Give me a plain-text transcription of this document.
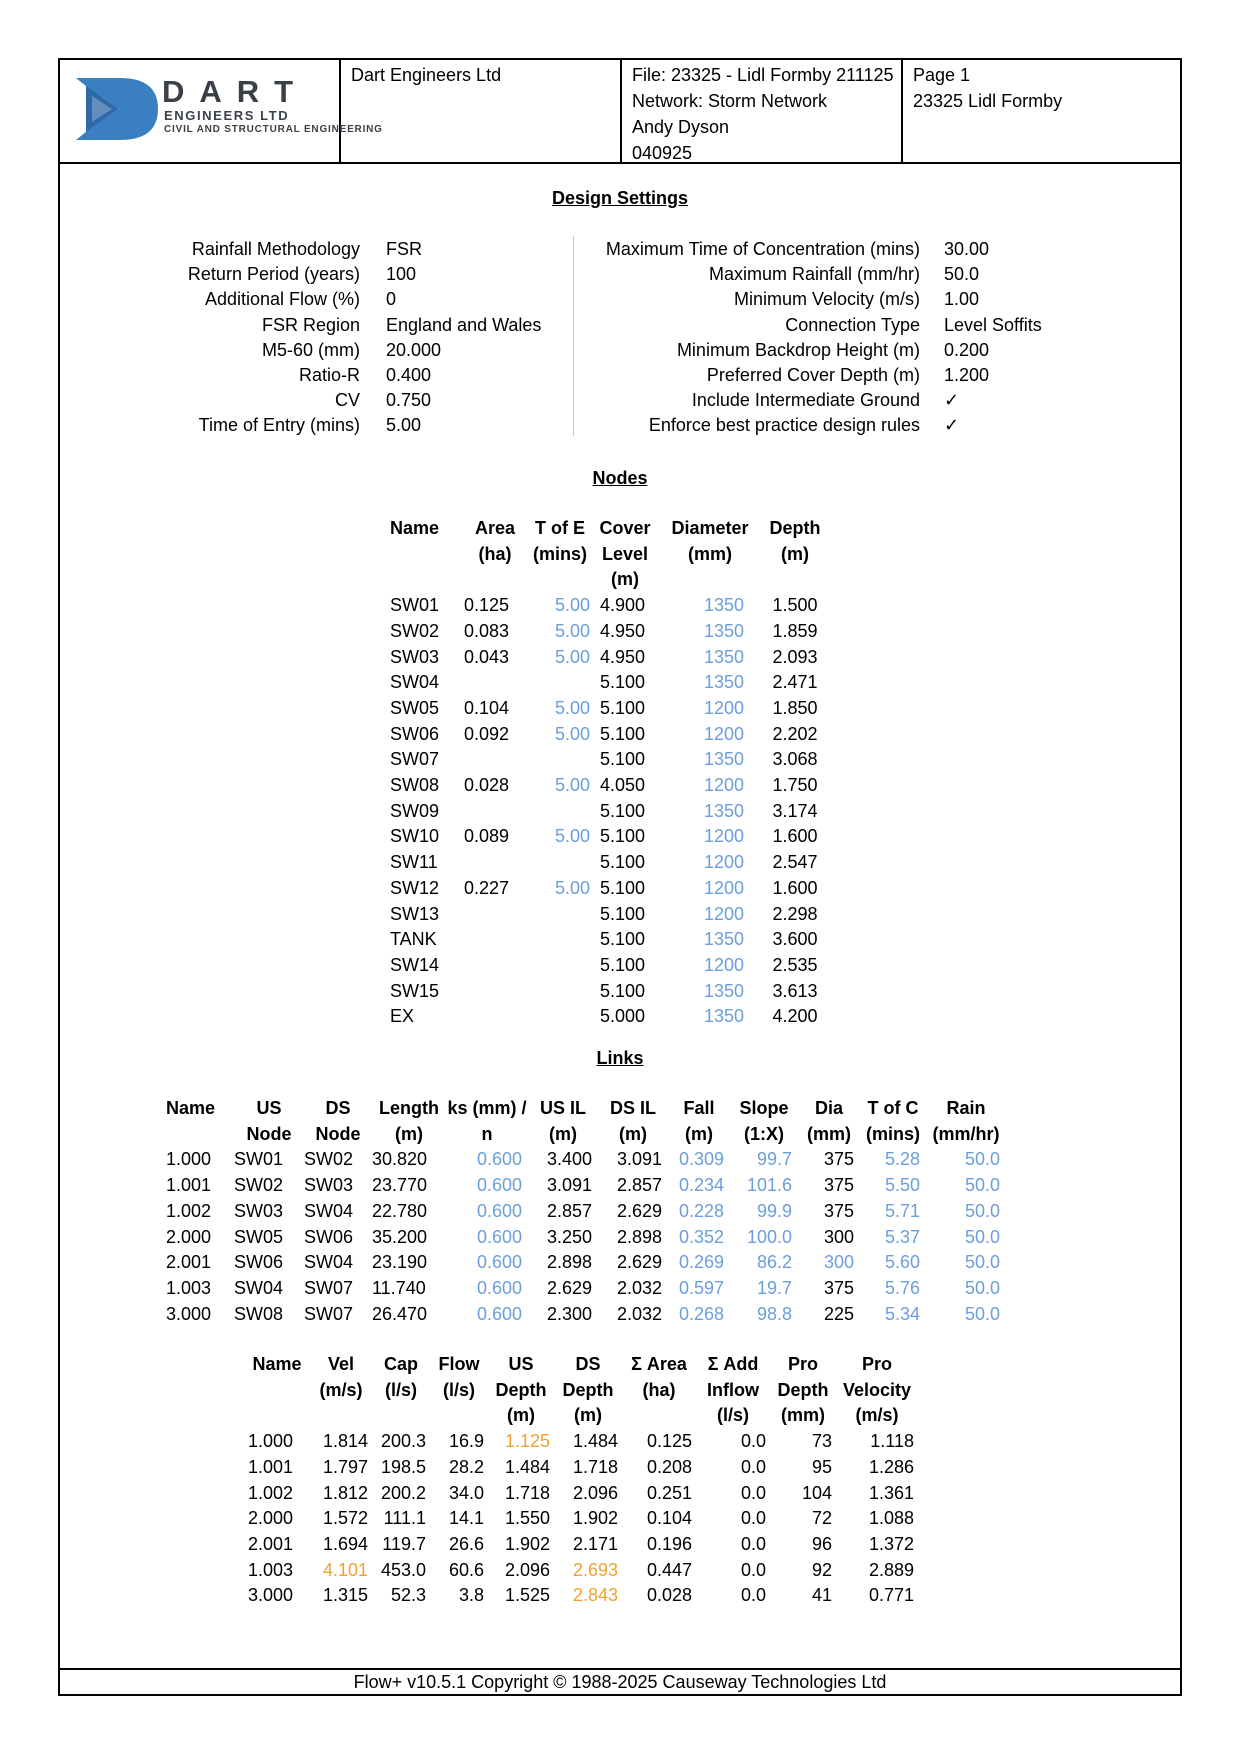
DART
ENGINEERS LTD
CIVIL AND STRUCTURAL ENGINEERING
Dart Engineers Ltd	File: 23325 - Lidl Formby 211125
Network: Storm Network
Andy Dyson
040925
Page 1
23325 Lidl Formby
Design Settings
Rainfall Methodology FSR
Return Period (years) 100
Additional Flow (%) 0
FSR Region England and Wales
M5-60 (mm) 20.000
Ratio-R 0.400
CV 0.750
Time of Entry (mins) 5.00
Maximum Time of Concentration (mins) 30.00
Maximum Rainfall (mm/hr) 50.0
Minimum Velocity (m/s) 1.00
Connection Type Level Soffits
Minimum Backdrop Height (m) 0.200
Preferred Cover Depth (m) 1.200
Include Intermediate Ground ✓
Enforce best practice design rules ✓
Nodes
Name	Area (ha)	T of E (mins)	Cover Level (m)	Diameter (mm)	Depth (m)
SW01	0.125	5.00	4.900	1350	1.500
SW02	0.083	5.00	4.950	1350	1.859
SW03	0.043	5.00	4.950	1350	2.093
SW04			5.100	1350	2.471
SW05	0.104	5.00	5.100	1200	1.850
SW06	0.092	5.00	5.100	1200	2.202
SW07			5.100	1350	3.068
SW08	0.028	5.00	4.050	1200	1.750
SW09			5.100	1350	3.174
SW10	0.089	5.00	5.100	1200	1.600
SW11			5.100	1200	2.547
SW12	0.227	5.00	5.100	1200	1.600
SW13			5.100	1200	2.298
TANK			5.100	1350	3.600
SW14			5.100	1200	2.535
SW15			5.100	1350	3.613
EX			5.000	1350	4.200
Links
Name	US Node	DS Node	Length (m)	ks (mm) / n	US IL (m)	DS IL (m)	Fall (m)	Slope (1:X)	Dia (mm)	T of C (mins)	Rain (mm/hr)
1.000	SW01	SW02	30.820	0.600	3.400	3.091	0.309	99.7	375	5.28	50.0
1.001	SW02	SW03	23.770	0.600	3.091	2.857	0.234	101.6	375	5.50	50.0
1.002	SW03	SW04	22.780	0.600	2.857	2.629	0.228	99.9	375	5.71	50.0
2.000	SW05	SW06	35.200	0.600	3.250	2.898	0.352	100.0	300	5.37	50.0
2.001	SW06	SW04	23.190	0.600	2.898	2.629	0.269	86.2	300	5.60	50.0
1.003	SW04	SW07	11.740	0.600	2.629	2.032	0.597	19.7	375	5.76	50.0
3.000	SW08	SW07	26.470	0.600	2.300	2.032	0.268	98.8	225	5.34	50.0
Name	Vel (m/s)	Cap (l/s)	Flow (l/s)	US Depth (m)	DS Depth (m)	Σ Area (ha)	Σ Add Inflow (l/s)	Pro Depth (mm)	Pro Velocity (m/s)
1.000	1.814	200.3	16.9	1.125	1.484	0.125	0.0	73	1.118
1.001	1.797	198.5	28.2	1.484	1.718	0.208	0.0	95	1.286
1.002	1.812	200.2	34.0	1.718	2.096	0.251	0.0	104	1.361
2.000	1.572	111.1	14.1	1.550	1.902	0.104	0.0	72	1.088
2.001	1.694	119.7	26.6	1.902	2.171	0.196	0.0	96	1.372
1.003	4.101	453.0	60.6	2.096	2.693	0.447	0.0	92	2.889
3.000	1.315	52.3	3.8	1.525	2.843	0.028	0.0	41	0.771
Flow+ v10.5.1 Copyright © 1988-2025 Causeway Technologies Ltd
